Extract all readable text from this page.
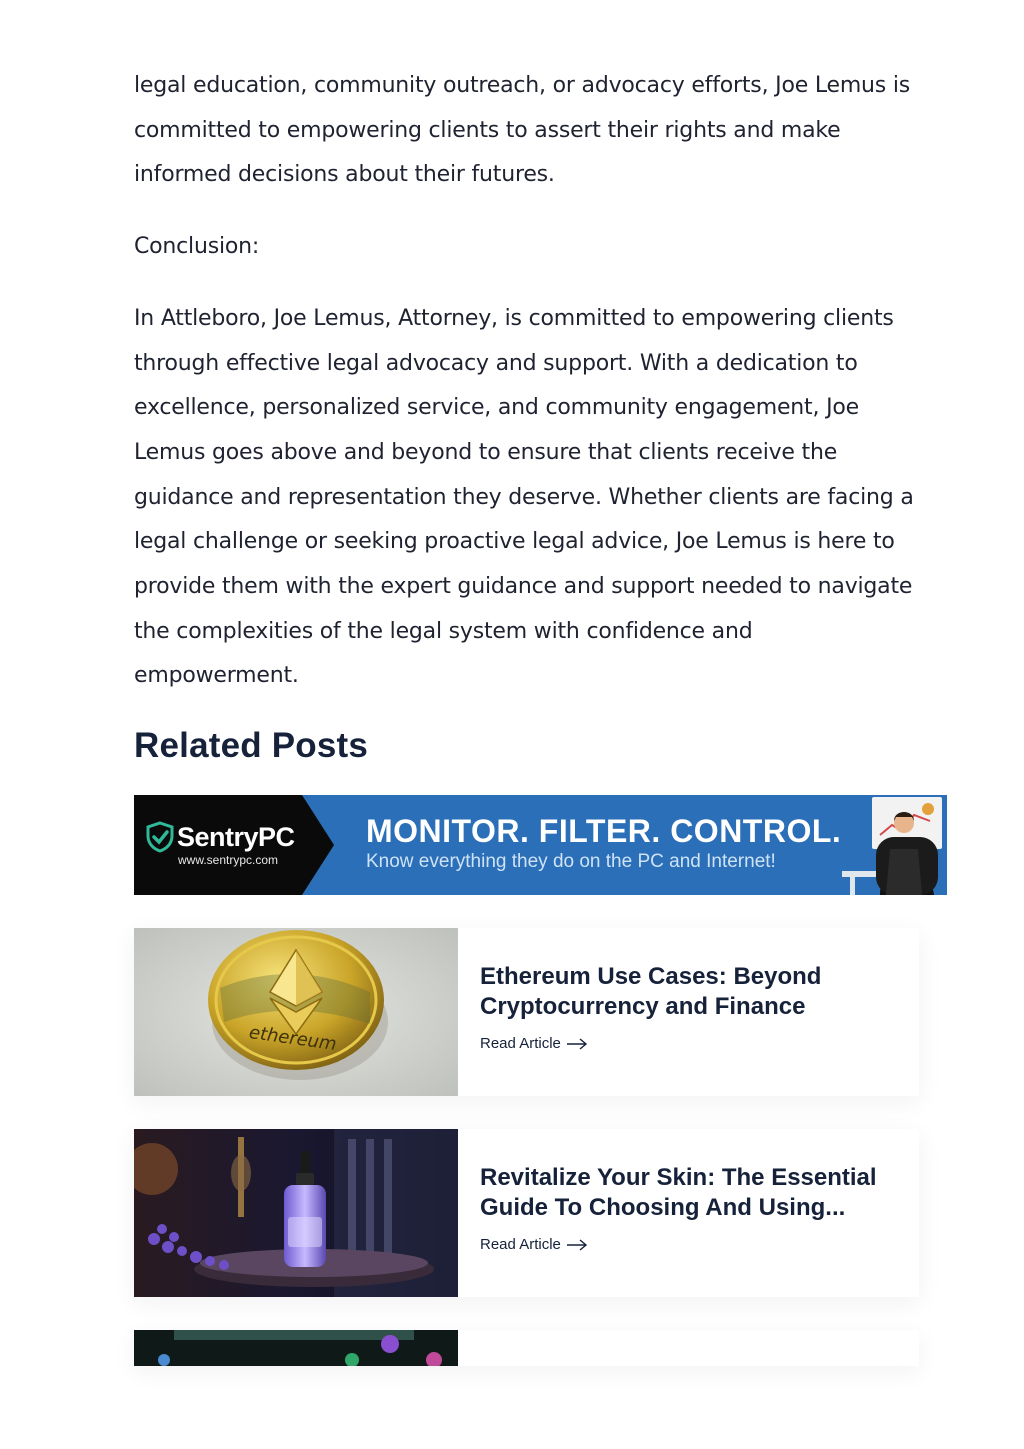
legal education, community outreach, or advocacy efforts, Joe Lemus is committed to empowering clients to assert their rights and make informed decisions about their futures.

Conclusion:

In Attleboro, Joe Lemus, Attorney, is committed to empowering clients through effective legal advocacy and support. With a dedication to excellence, personalized service, and community engagement, Joe Lemus goes above and beyond to ensure that clients receive the guidance and representation they deserve. Whether clients are facing a legal challenge or seeking proactive legal advice, Joe Lemus is here to provide them with the expert guidance and support needed to navigate the complexities of the legal system with confidence and empowerment.

Related Posts
SentryPC
www.sentrypc.com
MONITOR. FILTER. CONTROL.
Know everything they do on the PC and Internet!
ethereum
Ethereum Use Cases: Beyond Cryptocurrency and Finance
Read Article
Revitalize Your Skin: The Essential Guide To Choosing And Using...
Read Article
